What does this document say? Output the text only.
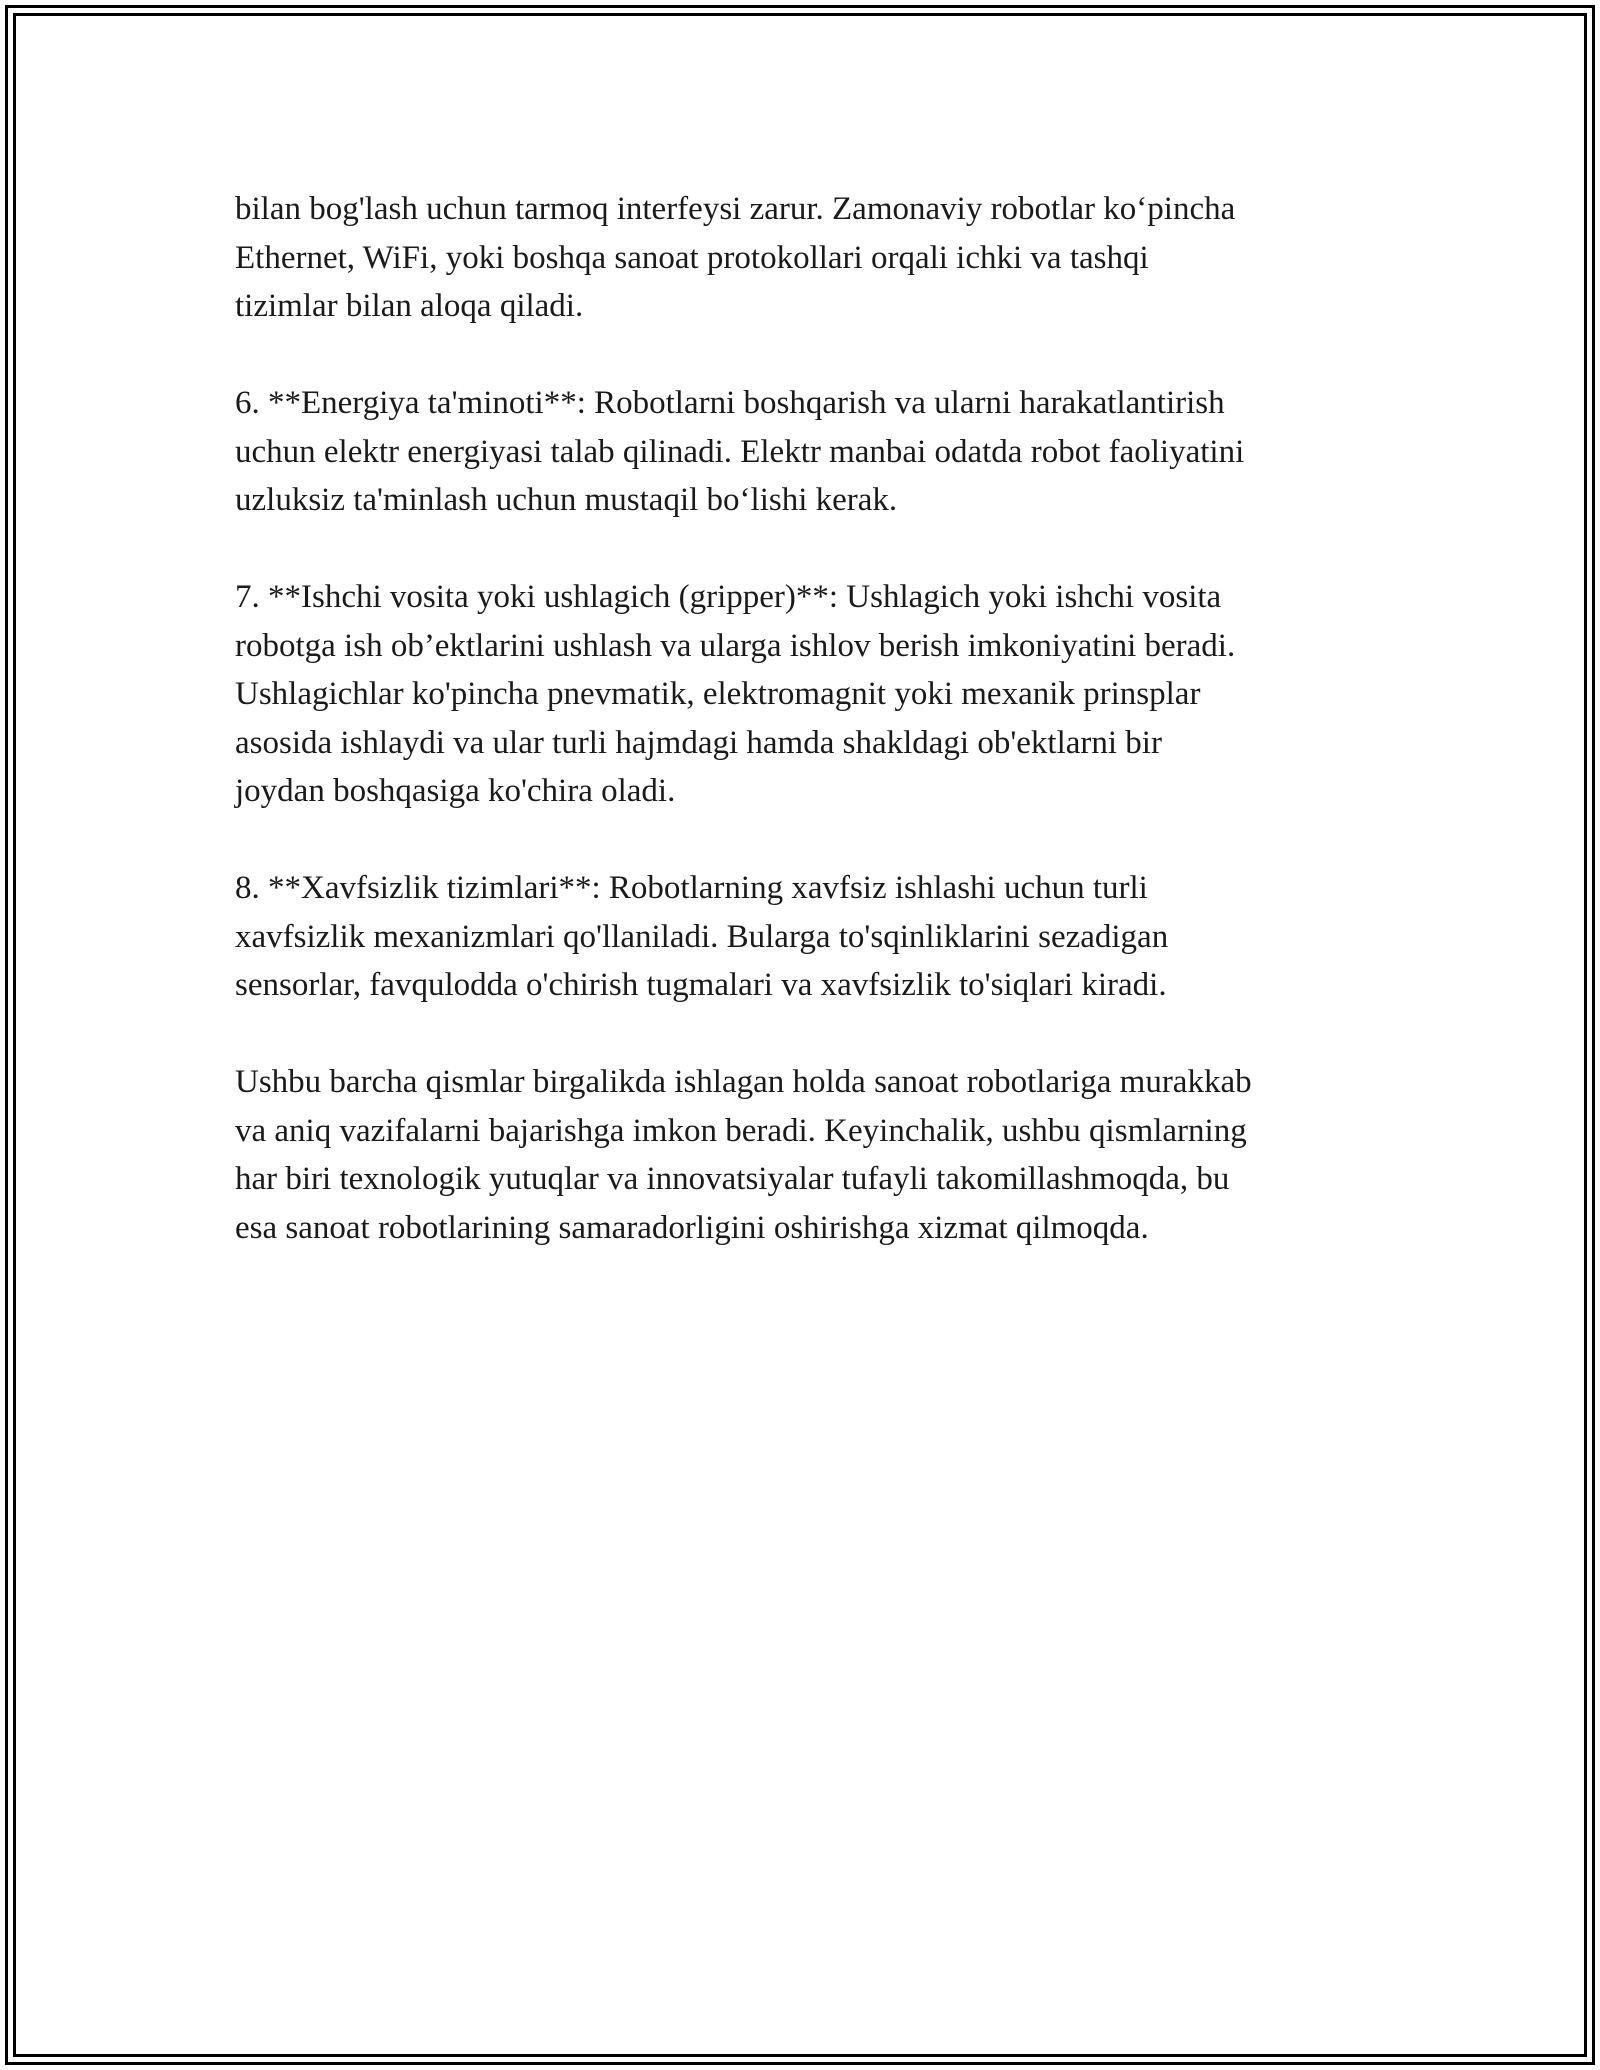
bilan bog'lash uchun tarmoq interfeysi zarur. Zamonaviy robotlar ko‘pincha
Ethernet, WiFi, yoki boshqa sanoat protokollari orqali ichki va tashqi
tizimlar bilan aloqa qiladi.

6. **Energiya ta'minoti**: Robotlarni boshqarish va ularni harakatlantirish
uchun elektr energiyasi talab qilinadi. Elektr manbai odatda robot faoliyatini
uzluksiz ta'minlash uchun mustaqil bo‘lishi kerak.

7. **Ishchi vosita yoki ushlagich (gripper)**: Ushlagich yoki ishchi vosita
robotga ish ob’ektlarini ushlash va ularga ishlov berish imkoniyatini beradi.
Ushlagichlar ko'pincha pnevmatik, elektromagnit yoki mexanik prinsplar
asosida ishlaydi va ular turli hajmdagi hamda shakldagi ob'ektlarni bir
joydan boshqasiga ko'chira oladi.

8. **Xavfsizlik tizimlari**: Robotlarning xavfsiz ishlashi uchun turli
xavfsizlik mexanizmlari qo'llaniladi. Bularga to'sqinliklarini sezadigan
sensorlar, favqulodda o'chirish tugmalari va xavfsizlik to'siqlari kiradi.

Ushbu barcha qismlar birgalikda ishlagan holda sanoat robotlariga murakkab
va aniq vazifalarni bajarishga imkon beradi. Keyinchalik, ushbu qismlarning
har biri texnologik yutuqlar va innovatsiyalar tufayli takomillashmoqda, bu
esa sanoat robotlarining samaradorligini oshirishga xizmat qilmoqda.
